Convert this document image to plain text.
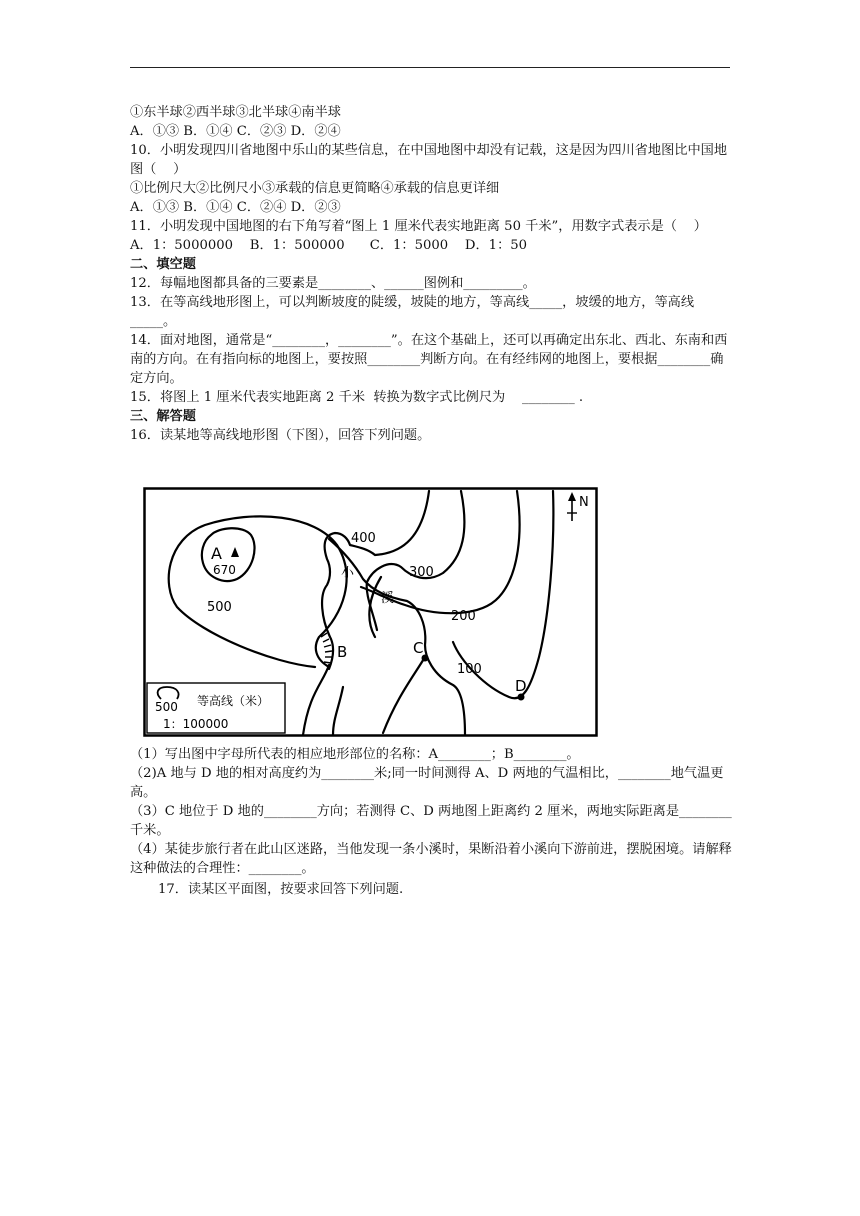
①东半球②西半球③北半球④南半球

A．①③ B．①④ C．②③ D．②④

10．小明发现四川省地图中乐山的某些信息，在中国地图中却没有记载，这是因为四川省地图比中国地图（    ）

①比例尺大②比例尺小③承载的信息更简略④承载的信息更详细

A．①③ B．①④ C．②④ D．②③

11．小明发现中国地图的右下角写着“图上 1 厘米代表实地距离 50 千米”，用数字式表示是（    ）

A．1：5000000    B．1：500000      C．1：5000    D．1：50

二、填空题

12．每幅地图都具备的三要素是________、______图例和_________。

13．在等高线地形图上，可以判断坡度的陡缓，坡陡的地方，等高线_____，坡缓的地方，等高线_____。

14．面对地图，通常是“________，________”。在这个基础上，还可以再确定出东北、西北、东南和西南的方向。在有指向标的地图上，要按照________判断方向。在有经纬网的地图上，要根据________确定方向。

15．将图上 1 厘米代表实地距离 2 千米  转换为数字式比例尺为    ________ .

三、解答题

16．读某地等高线地形图（下图），回答下列问题。

A
670
500
400
300
200
100
小
溪
B	C
D
N
500 等高线（米）
1：100000

（1）写出图中字母所代表的相应地形部位的名称：A________；B________。

（2)A 地与 D 地的相对高度约为________米;同一时间测得 A、D 两地的气温相比，________地气温更高。

（3）C 地位于 D 地的________方向；若测得 C、D 两地图上距离约 2 厘米，两地实际距离是________千米。

（4）某徒步旅行者在此山区迷路，当他发现一条小溪时，果断沿着小溪向下游前进，摆脱困境。请解释这种做法的合理性：________。

17．读某区平面图，按要求回答下列问题.
